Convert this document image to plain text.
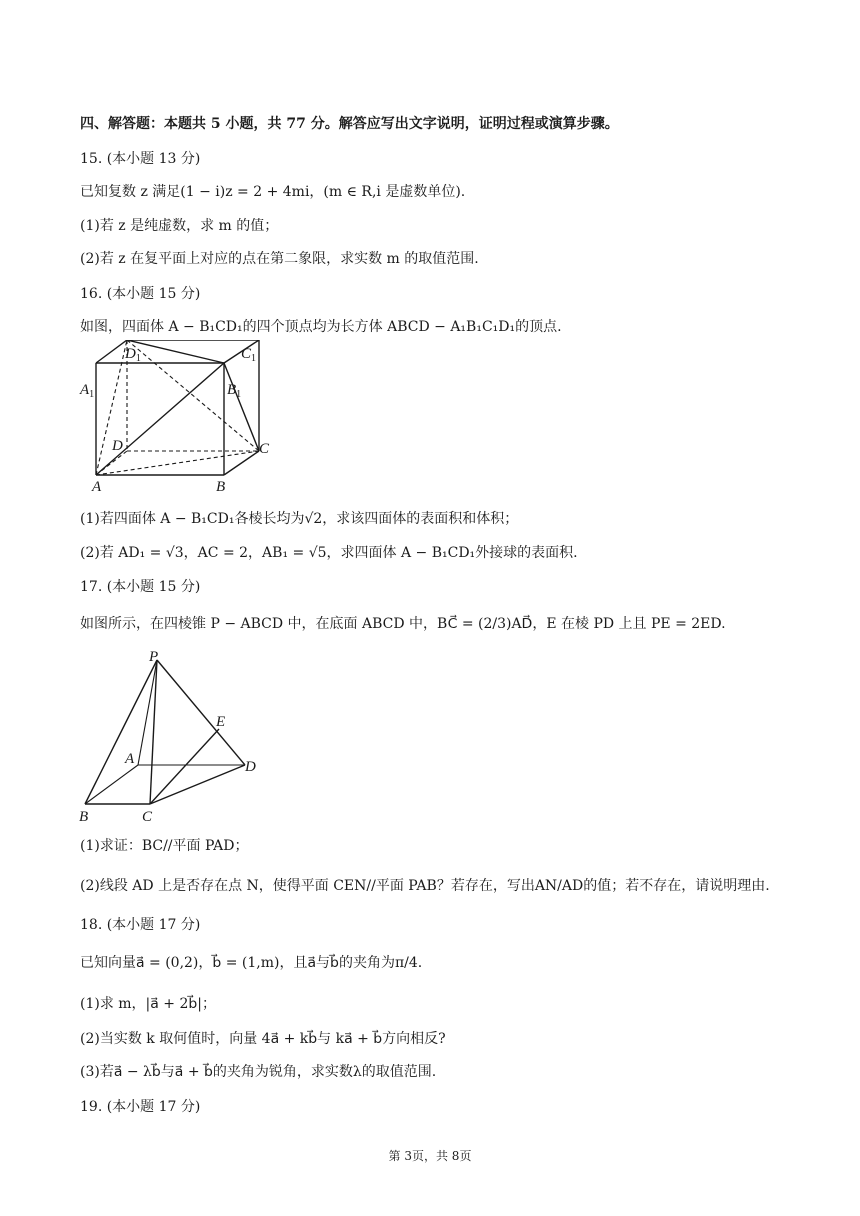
四、解答题：本题共 5 小题，共 77 分。解答应写出文字说明，证明过程或演算步骤。
15. (本小题 13 分)
已知复数 z 满足(1 − i)z = 2 + 4mi，(m ∈ R,i 是虚数单位).
(1)若 z 是纯虚数，求 m 的值；
(2)若 z 在复平面上对应的点在第二象限，求实数 m 的取值范围.
16. (本小题 15 分)
如图，四面体 A − B₁CD₁的四个顶点均为长方体 ABCD − A₁B₁C₁D₁的顶点.
$D_1$	$C_1$
$A_1$	$B_1$
D	C
A	B
(1)若四面体 A − B₁CD₁各棱长均为√2，求该四面体的表面积和体积；
(2)若 AD₁ = √3，AC = 2，AB₁ = √5，求四面体 A − B₁CD₁外接球的表面积.
17. (本小题 15 分)
如图所示，在四棱锥 P − ABCD 中，在底面 ABCD 中，BC⃗ = (2/3)AD⃗，E 在棱 PD 上且 PE = 2ED.
P
E
A	D
B	C
(1)求证：BC//平面 PAD；
(2)线段 AD 上是否存在点 N，使得平面 CEN//平面 PAB？若存在，写出AN/AD的值；若不存在，请说明理由.
18. (本小题 17 分)
已知向量a⃗ = (0,2)，b⃗ = (1,m)，且a⃗与b⃗的夹角为π/4.
(1)求 m，|a⃗ + 2b⃗|；
(2)当实数 k 取何值时，向量 4a⃗ + kb⃗与 ka⃗ + b⃗方向相反?
(3)若a⃗ − λb⃗与a⃗ + b⃗的夹角为锐角，求实数λ的取值范围.
19. (本小题 17 分)
第 3页，共 8页
